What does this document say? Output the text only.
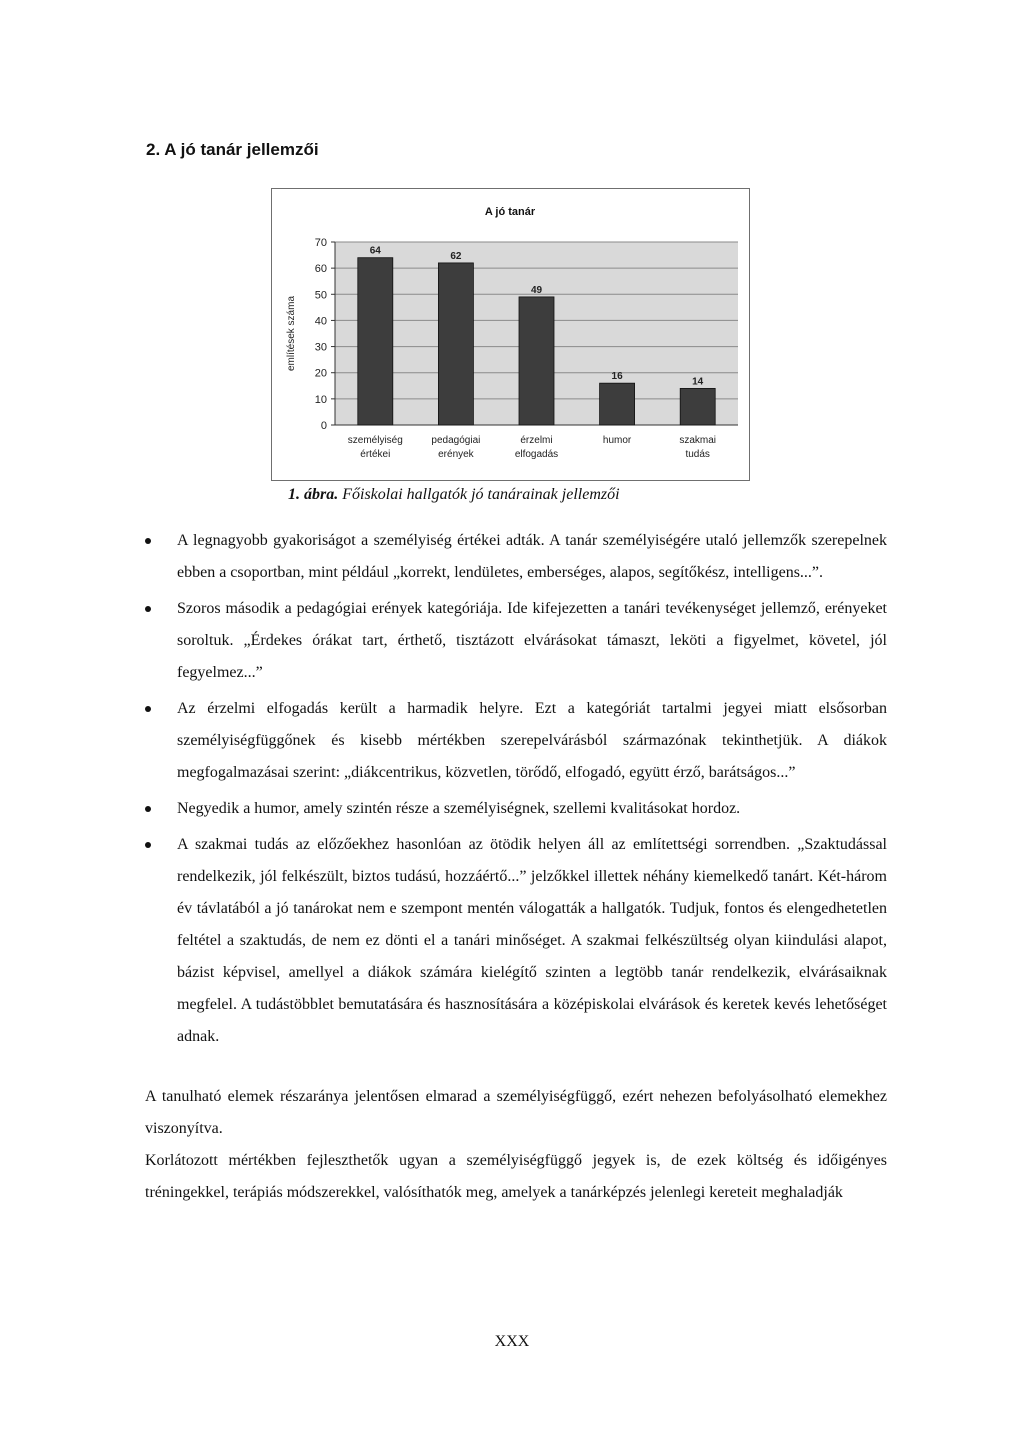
2. A jó tanár jellemzői
A jó tanár
említések száma
0
10
20
30
40
50
60
70
64	62
49
16	14
személyiség
értékei
pedagógiai
erények
érzelmi
elfogadás
humor	szakmai
tudás

1. ábra. Főiskolai hallgatók jó tanárainak jellemzői

A legnagyobb gyakoriságot a személyiség értékei adták. A tanár személyiségére utaló jellemzők szerepelnek ebben a csoportban, mint például „korrekt, lendületes, emberséges, alapos, segítőkész, intelligens...”.
Szoros második a pedagógiai erények kategóriája. Ide kifejezetten a tanári tevékenységet jellemző, erényeket soroltuk. „Érdekes órákat tart, érthető, tisztázott elvárásokat támaszt, leköti a figyelmet, követel, jól fegyelmez...”
Az érzelmi elfogadás került a harmadik helyre. Ezt a kategóriát tartalmi jegyei miatt elsősorban személyiségfüggőnek és kisebb mértékben szerepelvárásból származónak tekinthetjük. A diákok megfogalmazásai szerint: „diákcentrikus, közvetlen, törődő, elfogadó, együtt érző, barátságos...”
Negyedik a humor, amely szintén része a személyiségnek, szellemi kvalitásokat hordoz.
A szakmai tudás az előzőekhez hasonlóan az ötödik helyen áll az említettségi sorrendben. „Szaktudással rendelkezik, jól felkészült, biztos tudású, hozzáértő...” jelzőkkel illettek néhány kiemelkedő tanárt. Két-három év távlatából a jó tanárokat nem e szempont mentén válogatták a hallgatók. Tudjuk, fontos és elengedhetetlen feltétel a szaktudás, de nem ez dönti el a tanári minőséget. A szakmai felkészültség olyan kiindulási alapot, bázist képvisel, amellyel a diákok számára kielégítő szinten a legtöbb tanár rendelkezik, elvárásaiknak megfelel. A tudástöbblet bemutatására és hasznosítására a középiskolai elvárások és keretek kevés lehetőséget adnak.

A tanulható elemek részaránya jelentősen elmarad a személyiségfüggő, ezért nehezen befolyásolható elemekhez viszonyítva.

Korlátozott mértékben fejleszthetők ugyan a személyiségfüggő jegyek is, de ezek költség és időigényes tréningekkel, terápiás módszerekkel, valósíthatók meg, amelyek a tanárképzés jelenlegi kereteit meghaladják

XXX
